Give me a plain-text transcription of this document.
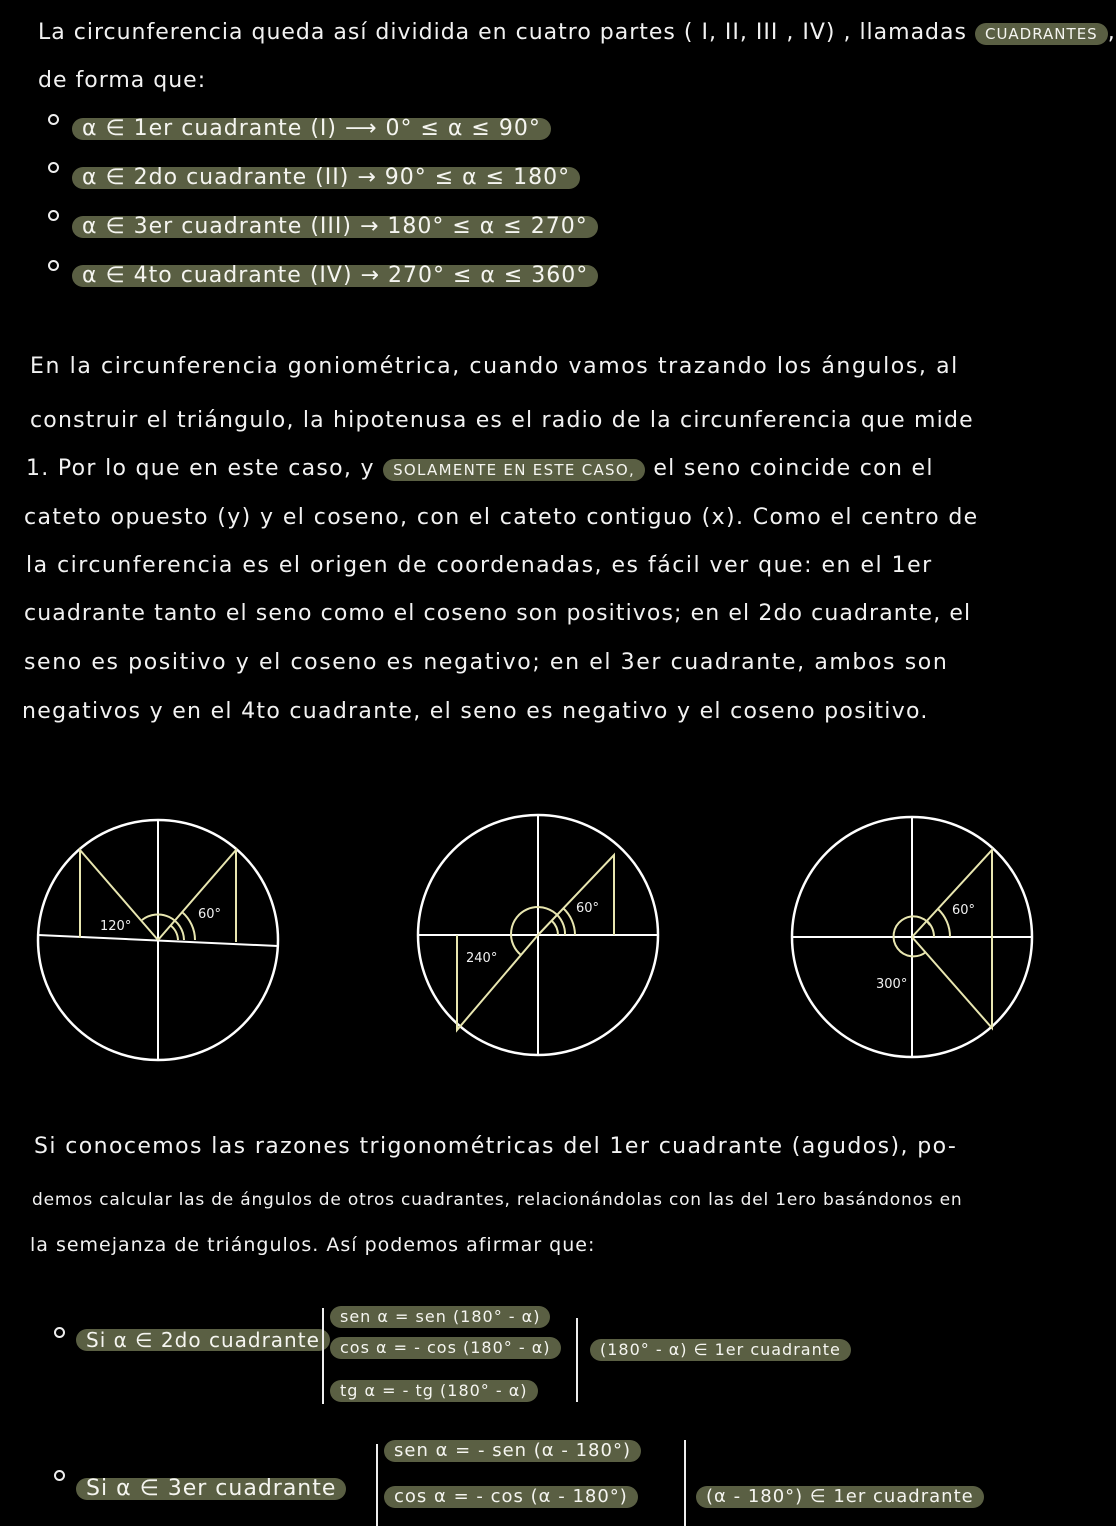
La circunferencia queda así dividida en cuatro partes ( I, II, III , IV) , llamadas CUADRANTES ,
de forma que:
α ∈ 1er cuadrante (I) ⟶ 0° ≤ α ≤ 90°
α ∈ 2do cuadrante (II) → 90° ≤ α ≤ 180°
α ∈ 3er cuadrante (III) → 180° ≤ α ≤ 270°
α ∈ 4to cuadrante (IV) → 270° ≤ α ≤ 360°
En la circunferencia goniométrica, cuando vamos trazando los ángulos, al
construir el triángulo, la hipotenusa es el radio de la circunferencia que mide
1. Por lo que en este caso, y SOLAMENTE EN ESTE CASO, el seno coincide con el
cateto opuesto (y) y el coseno, con el cateto contiguo (x). Como el centro de
la circunferencia es el origen de coordenadas, es fácil ver que: en el 1er
cuadrante tanto el seno como el coseno son positivos; en el 2do cuadrante, el
seno es positivo y el coseno es negativo; en el 3er cuadrante, ambos son
negativos y en el 4to cuadrante, el seno es negativo y el coseno positivo.
60°
120°
60°
240°
60°
300°
Si conocemos las razones trigonométricas del 1er cuadrante (agudos), po-
demos calcular las de ángulos de otros cuadrantes, relacionándolas con las del 1ero basándonos en
la semejanza de triángulos. Así podemos afirmar que:
Si α ∈ 2do cuadrante
sen α = sen (180° - α)
cos α = - cos (180° - α)
tg α = - tg (180° - α)
(180° - α) ∈ 1er cuadrante
Si α ∈ 3er cuadrante
sen α = - sen (α - 180°)
cos α = - cos (α - 180°)	(α - 180°) ∈ 1er cuadrante
